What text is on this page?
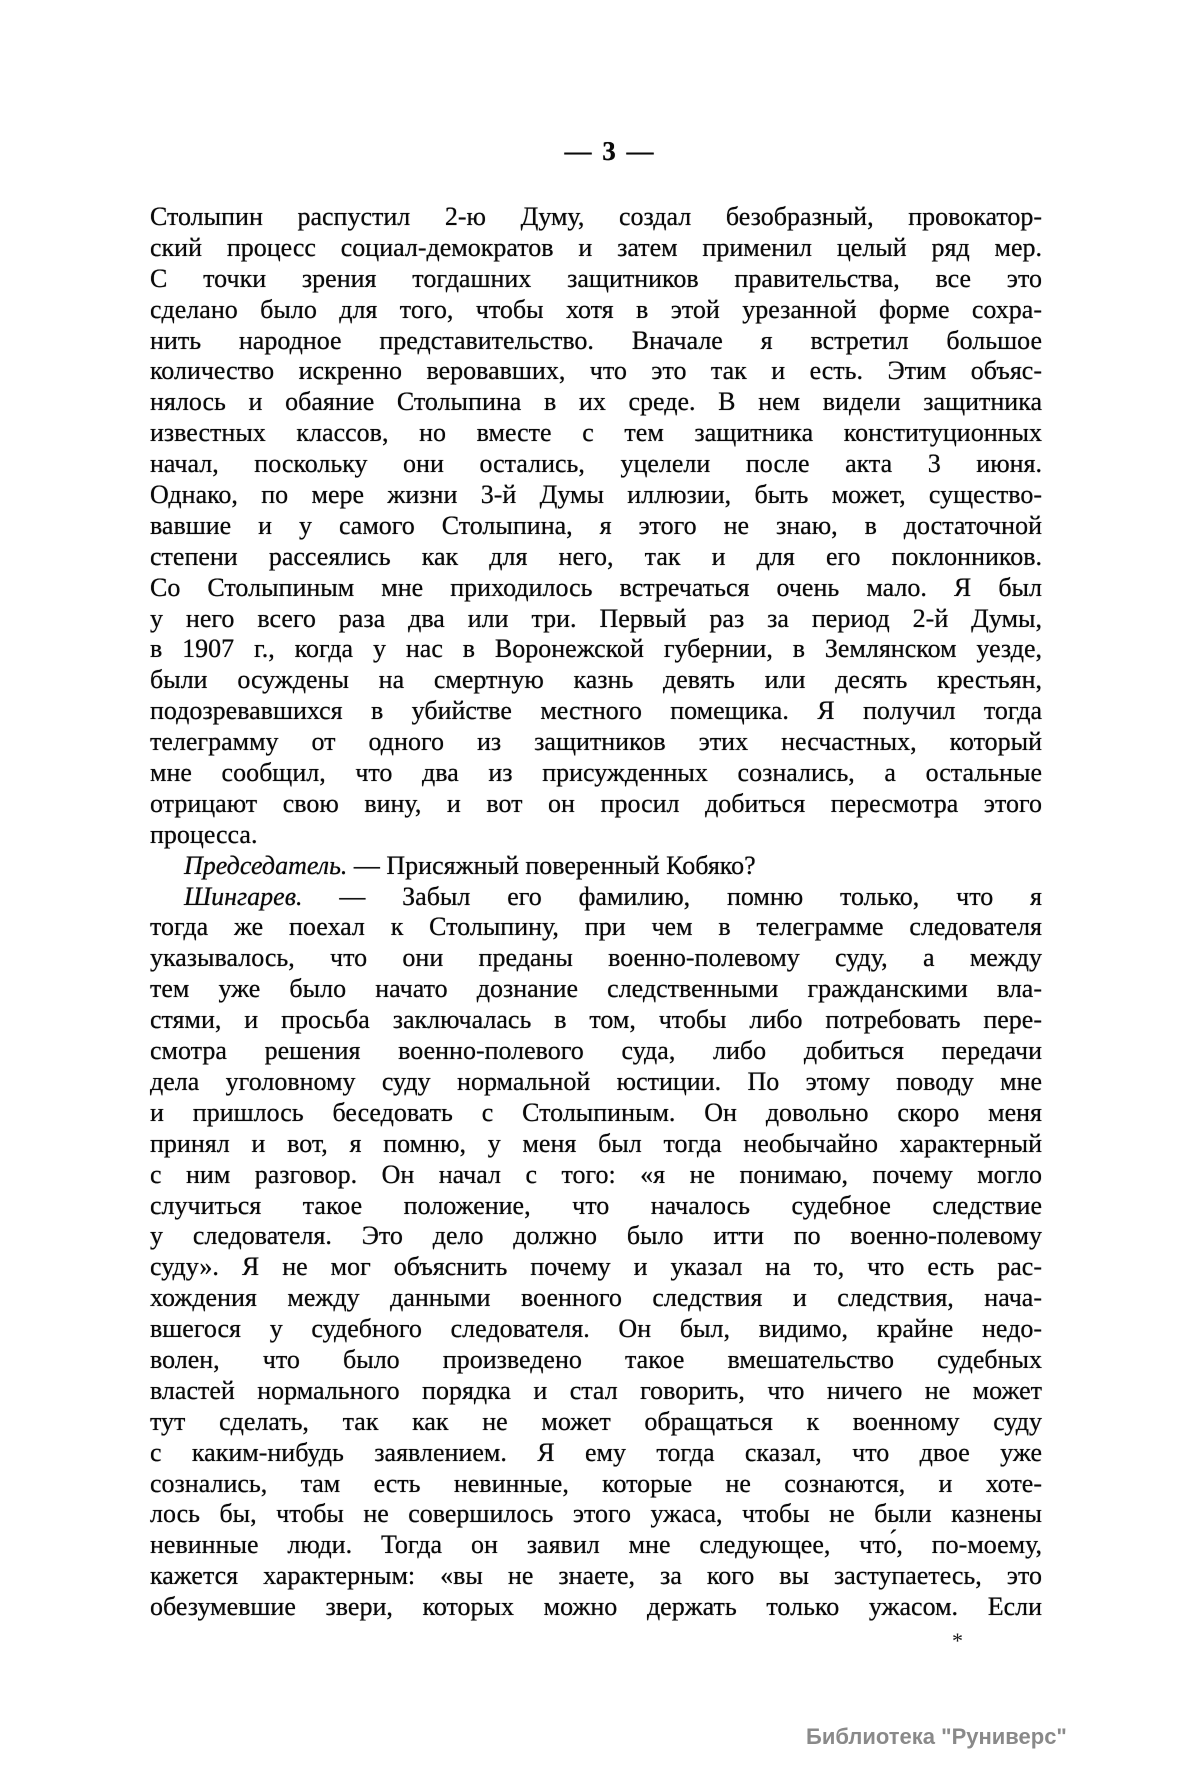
— 3 —
Столыпин распустил 2-ю Думу, создал безобразный, провокатор-
ский процесс социал-демократов и затем применил целый ряд мер.
С точки зрения тогдашних защитников правительства, все это
сделано было для того, чтобы хотя в этой урезанной форме сохра-
нить народное представительство. Вначале я встретил большое
количество искренно веровавших, что это так и есть. Этим объяс-
нялось и обаяние Столыпина в их среде. В нем видели защитника
известных классов, но вместе с тем защитника конституционных
начал, поскольку они остались, уцелели после акта 3 июня.
Однако, по мере жизни 3-й Думы иллюзии, быть может, существо-
вавшие и у самого Столыпина, я этого не знаю, в достаточной
степени рассеялись как для него, так и для его поклонников.
Со Столыпиным мне приходилось встречаться очень мало. Я был
у него всего раза два или три. Первый раз за период 2-й Думы,
в 1907 г., когда у нас в Воронежской губернии, в Землянском уезде,
были осуждены на смертную казнь девять или десять крестьян,
подозревавшихся в убийстве местного помещика. Я получил тогда
телеграмму от одного из защитников этих несчастных, который
мне сообщил, что два из присужденных сознались, а остальные
отрицают свою вину, и вот он просил добиться пересмотра этого
процесса.
Председатель. — Присяжный поверенный Кобяко?
Шингарев. — Забыл его фамилию, помню только, что я
тогда же поехал к Столыпину, при чем в телеграмме следователя
указывалось, что они преданы военно-полевому суду, а между
тем уже было начато дознание следственными гражданскими вла-
стями, и просьба заключалась в том, чтобы либо потребовать пере-
смотра решения военно-полевого суда, либо добиться передачи
дела уголовному суду нормальной юстиции. По этому поводу мне
и пришлось беседовать с Столыпиным. Он довольно скоро меня
принял и вот, я помню, у меня был тогда необычайно характерный
с ним разговор. Он начал с того: «я не понимаю, почему могло
случиться такое положение, что началось судебное следствие
у следователя. Это дело должно было итти по военно-полевому
суду». Я не мог объяснить почему и указал на то, что есть рас-
хождения между данными военного следствия и следствия, нача-
вшегося у судебного следователя. Он был, видимо, крайне недо-
волен, что было произведено такое вмешательство судебных
властей нормального порядка и стал говорить, что ничего не может
тут сделать, так как не может обращаться к военному суду
с каким-нибудь заявлением. Я ему тогда сказал, что двое уже
сознались, там есть невинные, которые не сознаются, и хоте-
лось бы, чтобы не совершилось этого ужаса, чтобы не были казнены
невинные люди. Тогда он заявил мне следующее, что́, по-моему,
кажется характерным: «вы не знаете, за кого вы заступаетесь, это
обезумевшие звери, которых можно держать только ужасом. Если
*
Библиотека "Руниверс"
